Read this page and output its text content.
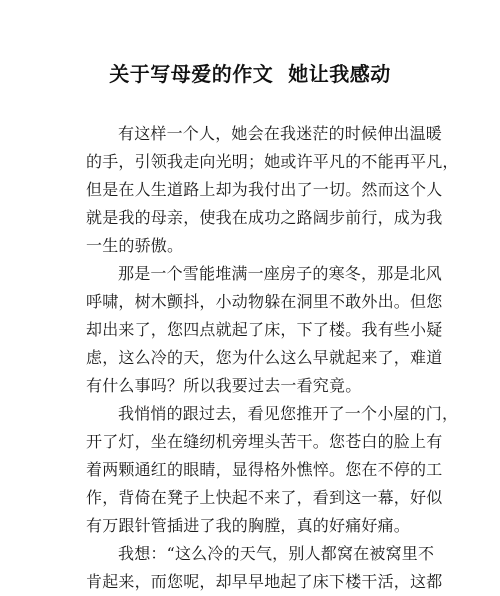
关于写母爱的作文  她让我感动
有这样一个人，她会在我迷茫的时候伸出温暖
的手，引领我走向光明；她或许平凡的不能再平凡，
但是在人生道路上却为我付出了一切。然而这个人
就是我的母亲，使我在成功之路阔步前行，成为我
一生的骄傲。
那是一个雪能堆满一座房子的寒冬，那是北风
呼啸，树木颤抖，小动物躲在洞里不敢外出。但您
却出来了，您四点就起了床，下了楼。我有些小疑
虑，这么冷的天，您为什么这么早就起来了，难道
有什么事吗？所以我要过去一看究竟。
我悄悄的跟过去，看见您推开了一个小屋的门，
开了灯，坐在缝纫机旁埋头苦干。您苍白的脸上有
着两颗通红的眼睛，显得格外憔悴。您在不停的工
作，背倚在凳子上快起不来了，看到这一幕，好似
有万跟针管插进了我的胸膛，真的好痛好痛。
我想：“这么冷的天气，别人都窝在被窝里不
肯起来，而您呢，却早早地起了床下楼干活，这都
